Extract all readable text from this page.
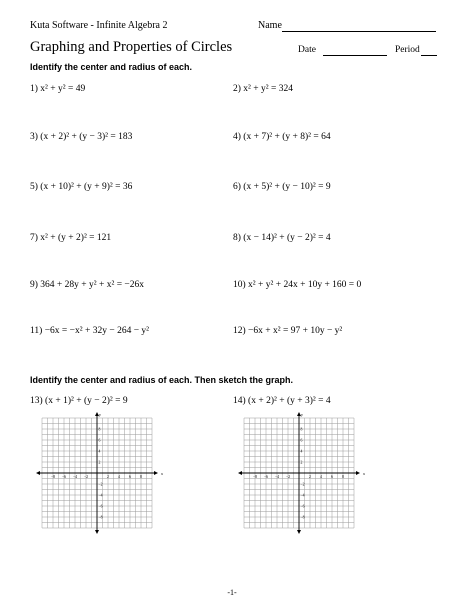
Kuta Software - Infinite Algebra 2	Name
Graphing and Properties of Circles	Date	Period
Identify the center and radius of each.
1) x² + y² = 49	2) x² + y² = 324
3) (x + 2)² + (y − 3)² = 183	4) (x + 7)² + (y + 8)² = 64
5) (x + 10)² + (y + 9)² = 36	6) (x + 5)² + (y − 10)² = 9
7) x² + (y + 2)² = 121	8) (x − 14)² + (y − 2)² = 4
9) 364 + 28y + y² + x² = −26x	10) x² + y² + 24x + 10y + 160 = 0
11) −6x = −x² + 32y − 264 − y²	12) −6x + x² = 97 + 10y − y²
Identify the center and radius of each. Then sketch the graph.
13) (x + 1)² + (y − 2)² = 9	14) (x + 2)² + (y + 3)² = 4
−8 −6 −4 −2	2 4 6 8
8
6
4
2
−2
−4
−6
−8
x
y
−8 −6 −4 −2	2 4 6 8
8
6
4
2
−2
−4
−6
−8
x
y
-1-
